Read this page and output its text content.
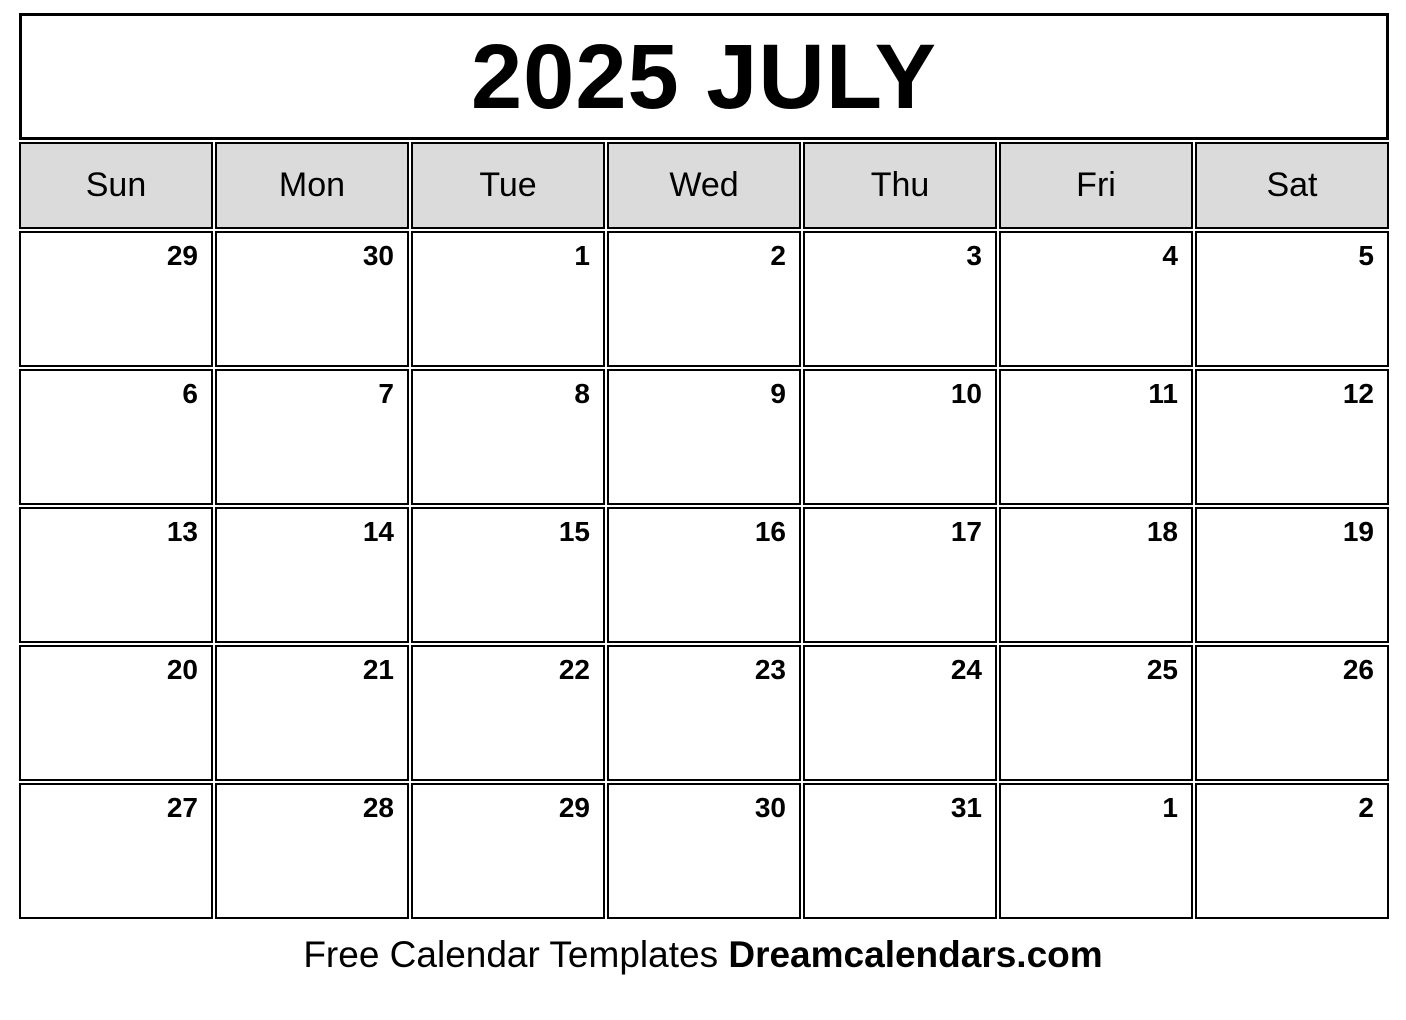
2025 JULY
Sun	Mon	Tue	Wed	Thu	Fri	Sat
29	30	1	2	3	4	5
6	7	8	9	10	11	12
13	14	15	16	17	18	19
20	21	22	23	24	25	26
27	28	29	30	31	1	2
Free Calendar Templates Dreamcalendars.com
